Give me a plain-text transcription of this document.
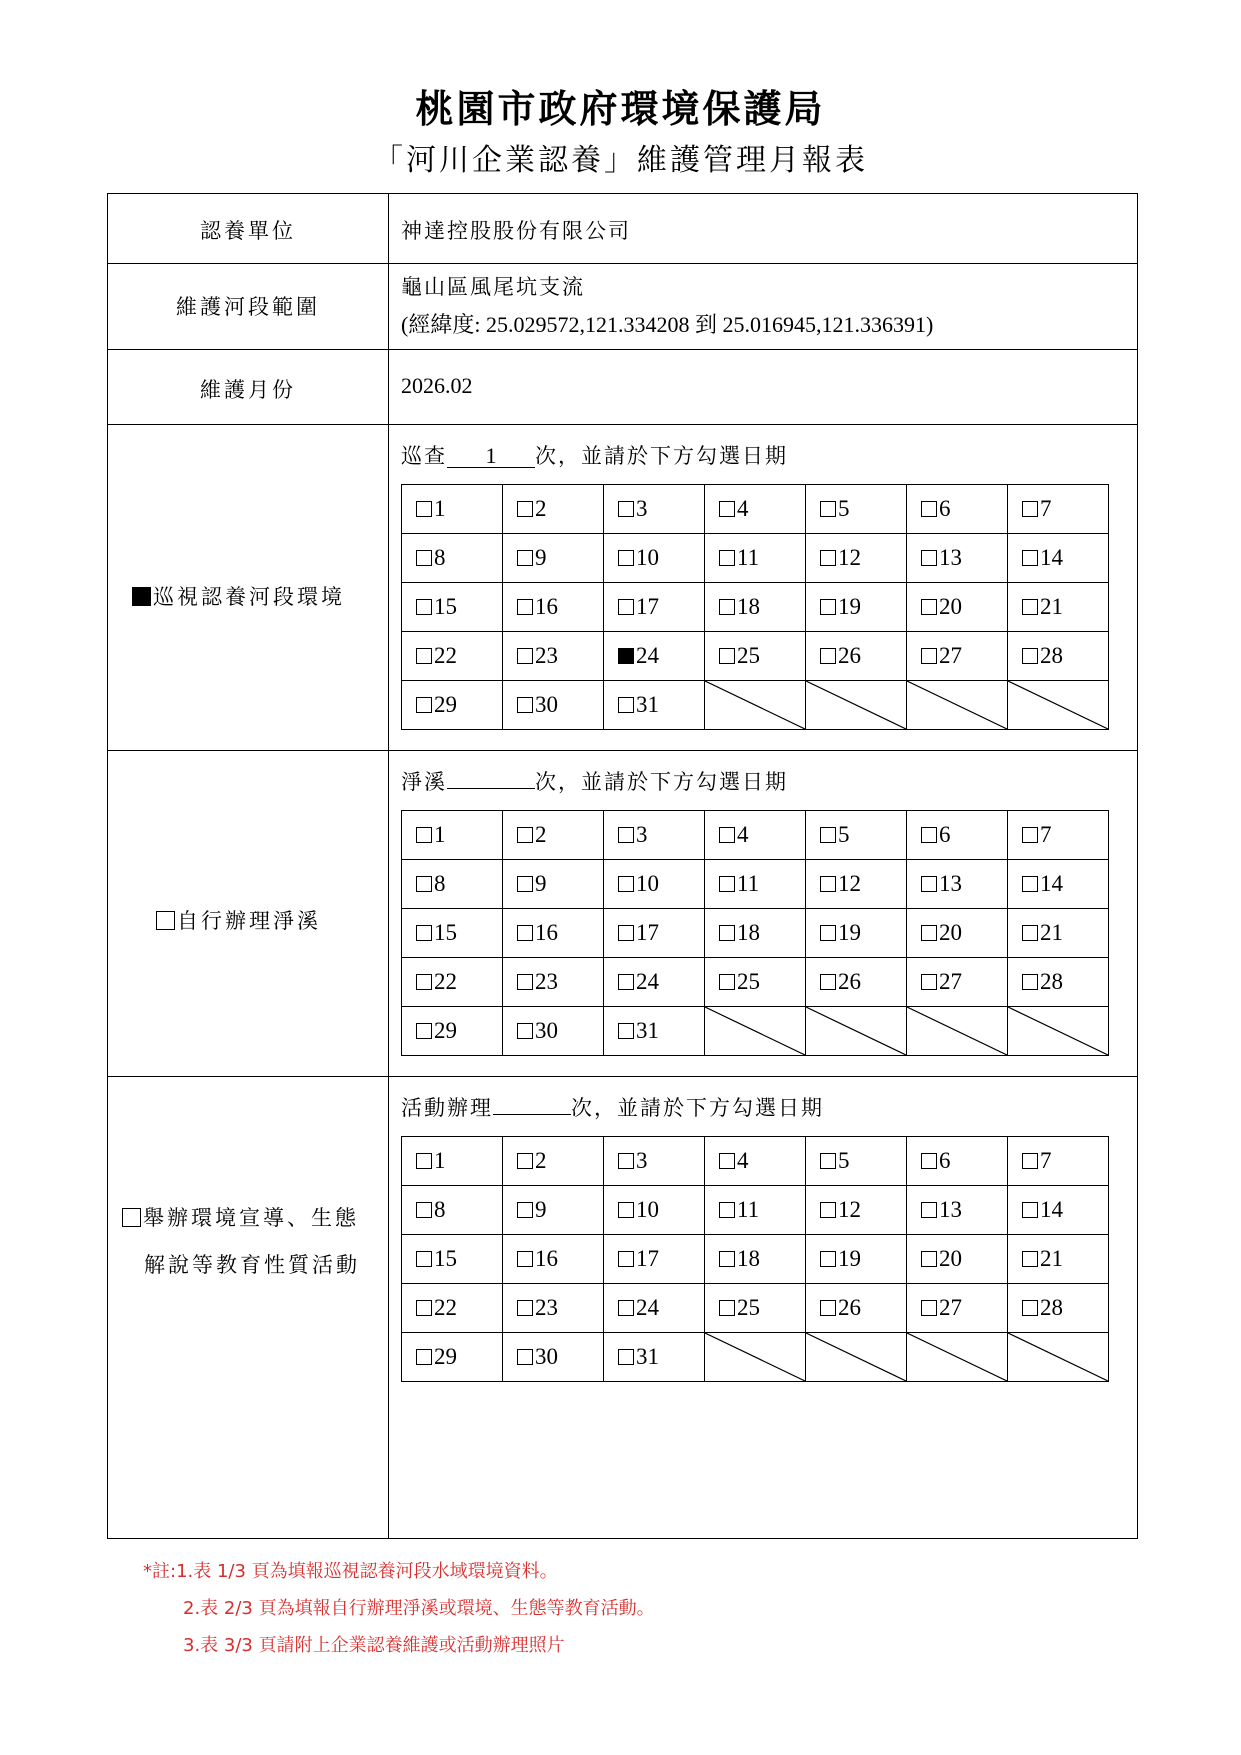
桃園市政府環境保護局
「河川企業認養」維護管理月報表
認養單位	神達控股股份有限公司
維護河段範圍
龜山區風尾坑支流
(經緯度: 25.029572,121.334208 到 25.016945,121.336391)
維護月份	2026.02
巡視認養河段環境
巡查 1 次，並請於下方勾選日期
1	2	3	4	5	6	7
8	9	10	11	12	13	14
15	16	17	18	19	20	21
22	23	24	25	26	27	28
29	30	31	

自行辦理淨溪
淨溪	次，並請於下方勾選日期
1	2	3	4	5	6	7
8	9	10	11	12	13	14
15	16	17	18	19	20	21
22	23	24	25	26	27	28
29	30	31	

舉辦環境宣導、生態
解說等教育性質活動
活動辦理	次，並請於下方勾選日期
1	2	3	4	5	6	7
8	9	10	11	12	13	14
15	16	17	18	19	20	21
22	23	24	25	26	27	28
29	30	31	

*註:1.表 1/3 頁為填報巡視認養河段水域環境資料。
2.表 2/3 頁為填報自行辦理淨溪或環境、生態等教育活動。
3.表 3/3 頁請附上企業認養維護或活動辦理照片
